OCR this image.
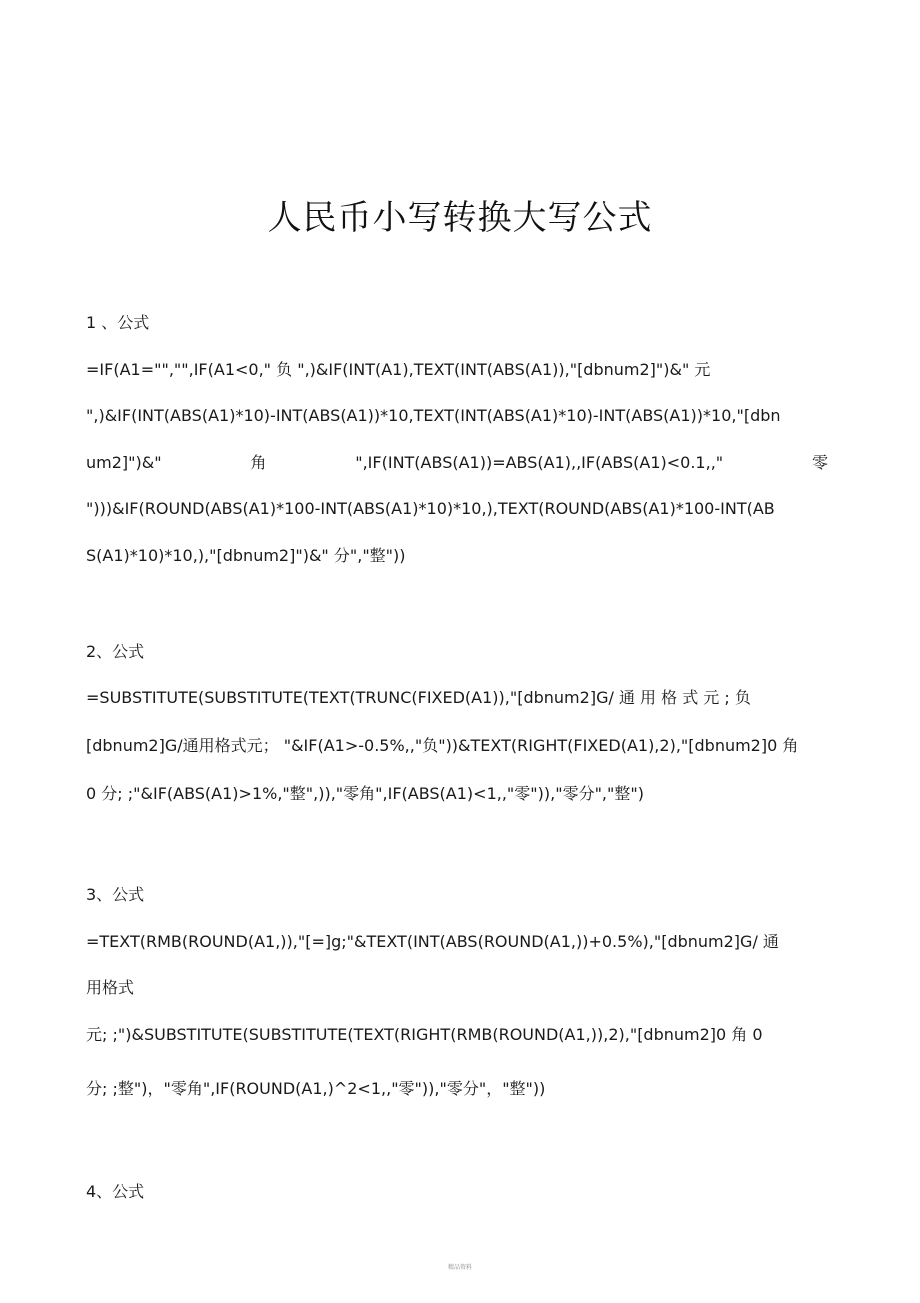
人民币小写转换大写公式
1 、公式
=IF(A1="","",IF(A1<0," 负 ",)&IF(INT(A1),TEXT(INT(ABS(A1)),"[dbnum2]")&" 元
",)&IF(INT(ABS(A1)*10)-INT(ABS(A1))*10,TEXT(INT(ABS(A1)*10)-INT(ABS(A1))*10,"[dbn
um2]")&"	角	",IF(INT(ABS(A1))=ABS(A1),,IF(ABS(A1)<0.1,,"	零
")))&IF(ROUND(ABS(A1)*100-INT(ABS(A1)*10)*10,),TEXT(ROUND(ABS(A1)*100-INT(AB
S(A1)*10)*10,),"[dbnum2]")&" 分","整"))
2、公式
=SUBSTITUTE(SUBSTITUTE(TEXT(TRUNC(FIXED(A1)),"[dbnum2]G/ 通 用 格 式 元 ; 负
[dbnum2]G/通用格式元； "&IF(A1>-0.5%,,"负"))&TEXT(RIGHT(FIXED(A1),2),"[dbnum2]0 角
0 分; ;"&IF(ABS(A1)>1%,"整",)),"零角",IF(ABS(A1)<1,,"零")),"零分","整")
3、公式
=TEXT(RMB(ROUND(A1,)),"[=]g;"&TEXT(INT(ABS(ROUND(A1,))+0.5%),"[dbnum2]G/ 通
用格式
元; ;")&SUBSTITUTE(SUBSTITUTE(TEXT(RIGHT(RMB(ROUND(A1,)),2),"[dbnum2]0 角 0
分; ;整")，"零角",IF(ROUND(A1,)^2<1,,"零")),"零分"，"整"))
4、公式
精品资料
